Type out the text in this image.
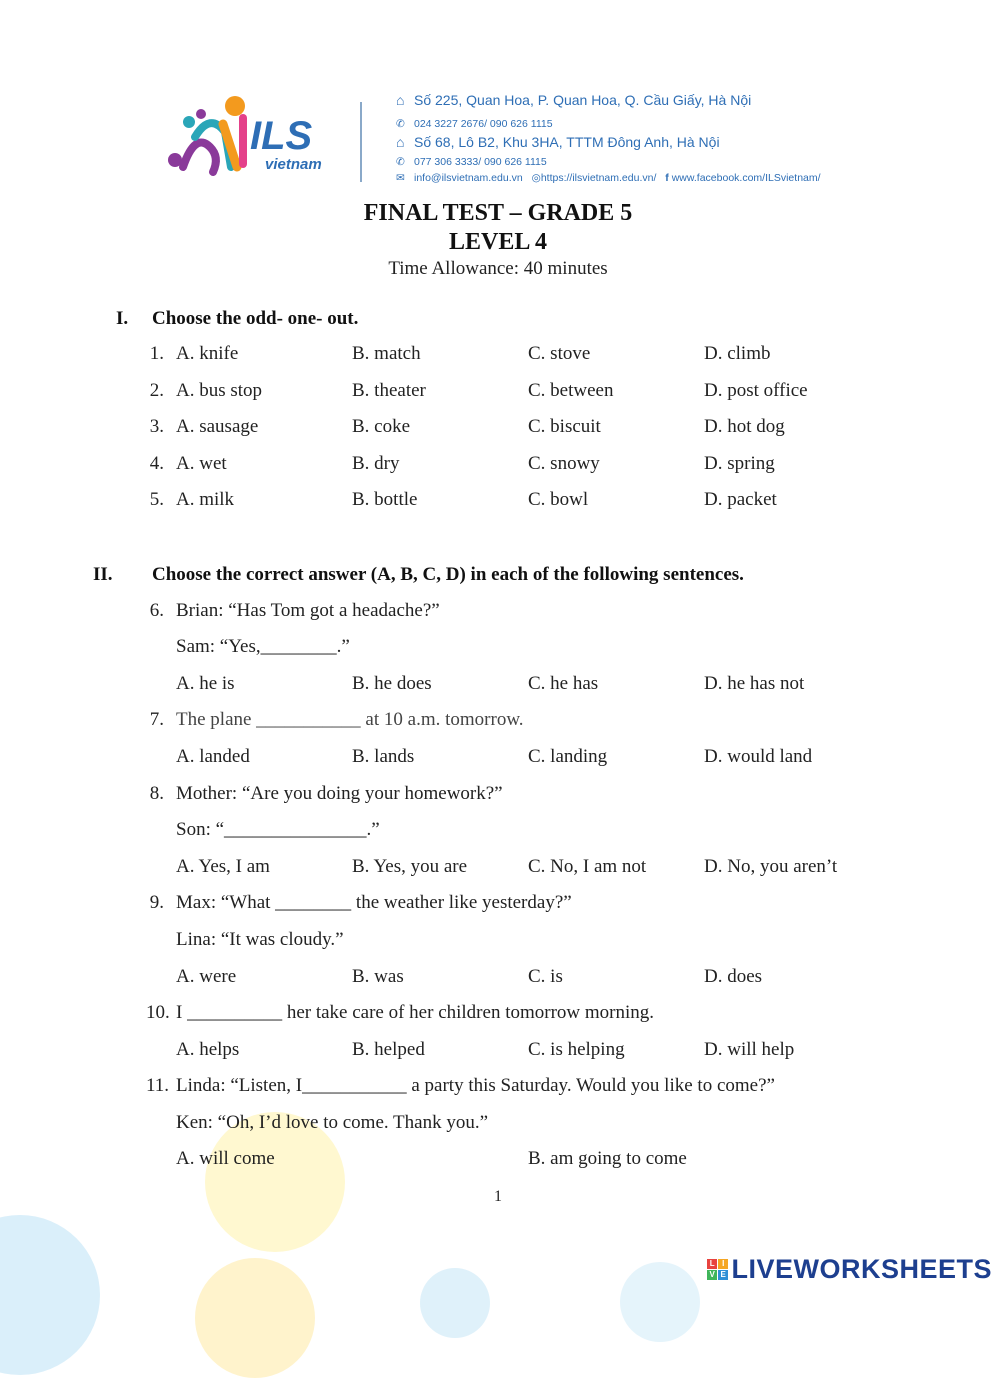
ILS
vietnam
⌂ Số 225, Quan Hoa, P. Quan Hoa, Q. Cầu Giấy, Hà Nội
✆ 024 3227 2676/ 090 626 1115
⌂ Số 68, Lô B2, Khu 3HA, TTTM Đông Anh, Hà Nội
✆ 077 306 3333/ 090 626 1115
✉ info@ilsvietnam.edu.vn ◎https://ilsvietnam.edu.vn/ f www.facebook.com/ILSvietnam/
FINAL TEST – GRADE 5
LEVEL 4
Time Allowance: 40 minutes
I. Choose the odd- one- out.
1. A. knife	B. match	C. stove	D. climb
2. A. bus stop	B. theater	C. between	D. post office
3. A. sausage	B. coke	C. biscuit	D. hot dog
4. A. wet	B. dry	C. snowy	D. spring
5. A. milk	B. bottle	C. bowl	D. packet
II. Choose the correct answer (A, B, C, D) in each of the following sentences.
6. Brian: “Has Tom got a headache?”
Sam: “Yes,________.”
A. he is	B. he does	C. he has	D. he has not
7. The plane ___________ at 10 a.m. tomorrow.
A. landed	B. lands	C. landing	D. would land
8. Mother: “Are you doing your homework?”
Son: “_______________.”
A. Yes, I am	B. Yes, you are	C. No, I am not	D. No, you aren’t
9. Max: “What ________ the weather like yesterday?”
Lina: “It was cloudy.”
A. were	B. was	C. is	D. does
10. I __________ her take care of her children tomorrow morning.
A. helps	B. helped	C. is helping	D. will help
11. Linda: “Listen, I___________ a party this Saturday. Would you like to come?”
Ken: “Oh, I’d love to come. Thank you.”
A. will come	B. am going to come
1
L I
V E LIVEWORKSHEETS
